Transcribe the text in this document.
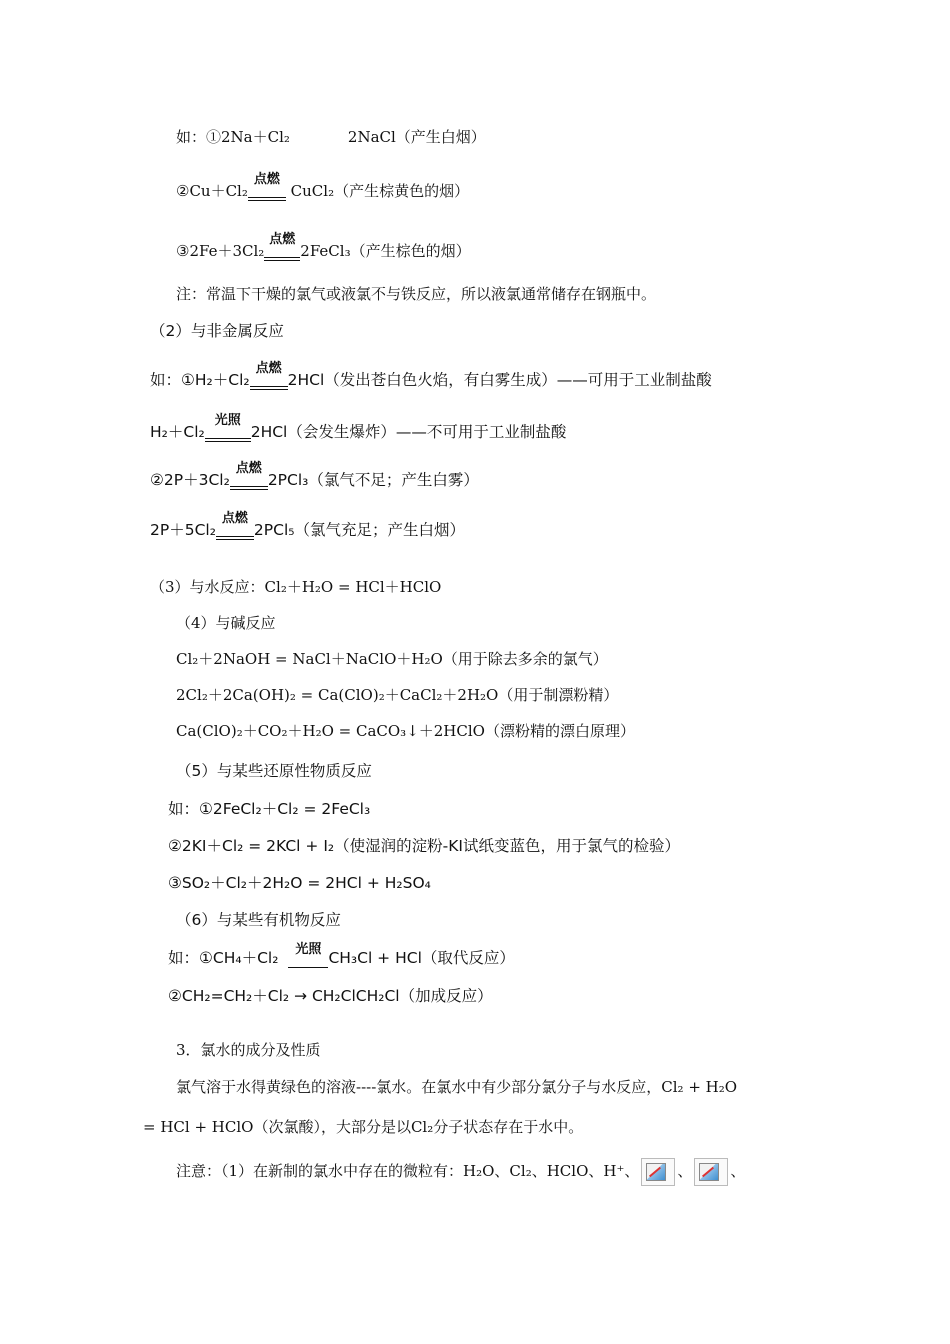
如：①2Na＋Cl₂	2NaCl（产生白烟）
②Cu＋Cl₂
点燃
CuCl₂（产生棕黄色的烟）
③2Fe＋3Cl₂
点燃
2FeCl₃（产生棕色的烟）
注：常温下干燥的氯气或液氯不与铁反应，所以液氯通常储存在钢瓶中。
（2）与非金属反应
如：①H₂＋Cl₂
点燃
2HCl（发出苍白色火焰，有白雾生成）——可用于工业制盐酸
H₂＋Cl₂
光照
2HCl（会发生爆炸）——不可用于工业制盐酸
②2P＋3Cl₂
点燃
2PCl₃（氯气不足；产生白雾）
2P＋5Cl₂
点燃
2PCl₅（氯气充足；产生白烟）
（3）与水反应：Cl₂＋H₂O = HCl＋HClO
（4）与碱反应
Cl₂＋2NaOH = NaCl＋NaClO＋H₂O（用于除去多余的氯气）
2Cl₂＋2Ca(OH)₂ = Ca(ClO)₂＋CaCl₂＋2H₂O（用于制漂粉精）
Ca(ClO)₂＋CO₂＋H₂O = CaCO₃↓＋2HClO（漂粉精的漂白原理）
（5）与某些还原性物质反应
如：①2FeCl₂＋Cl₂ = 2FeCl₃
②2KI＋Cl₂ = 2KCl + I₂（使湿润的淀粉-KI试纸变蓝色，用于氯气的检验）
③SO₂＋Cl₂＋2H₂O = 2HCl + H₂SO₄
（6）与某些有机物反应
如：①CH₄＋Cl₂	光照 CH₃Cl + HCl（取代反应）
②CH₂=CH₂＋Cl₂ → CH₂ClCH₂Cl（加成反应）
3．氯水的成分及性质
氯气溶于水得黄绿色的溶液----氯水。在氯水中有少部分氯分子与水反应，Cl₂ + H₂O
= HCl + HClO（次氯酸），大部分是以Cl₂分子状态存在于水中。
注意：（1）在新制的氯水中存在的微粒有：H₂O、Cl₂、HClO、H⁺、	、	、
